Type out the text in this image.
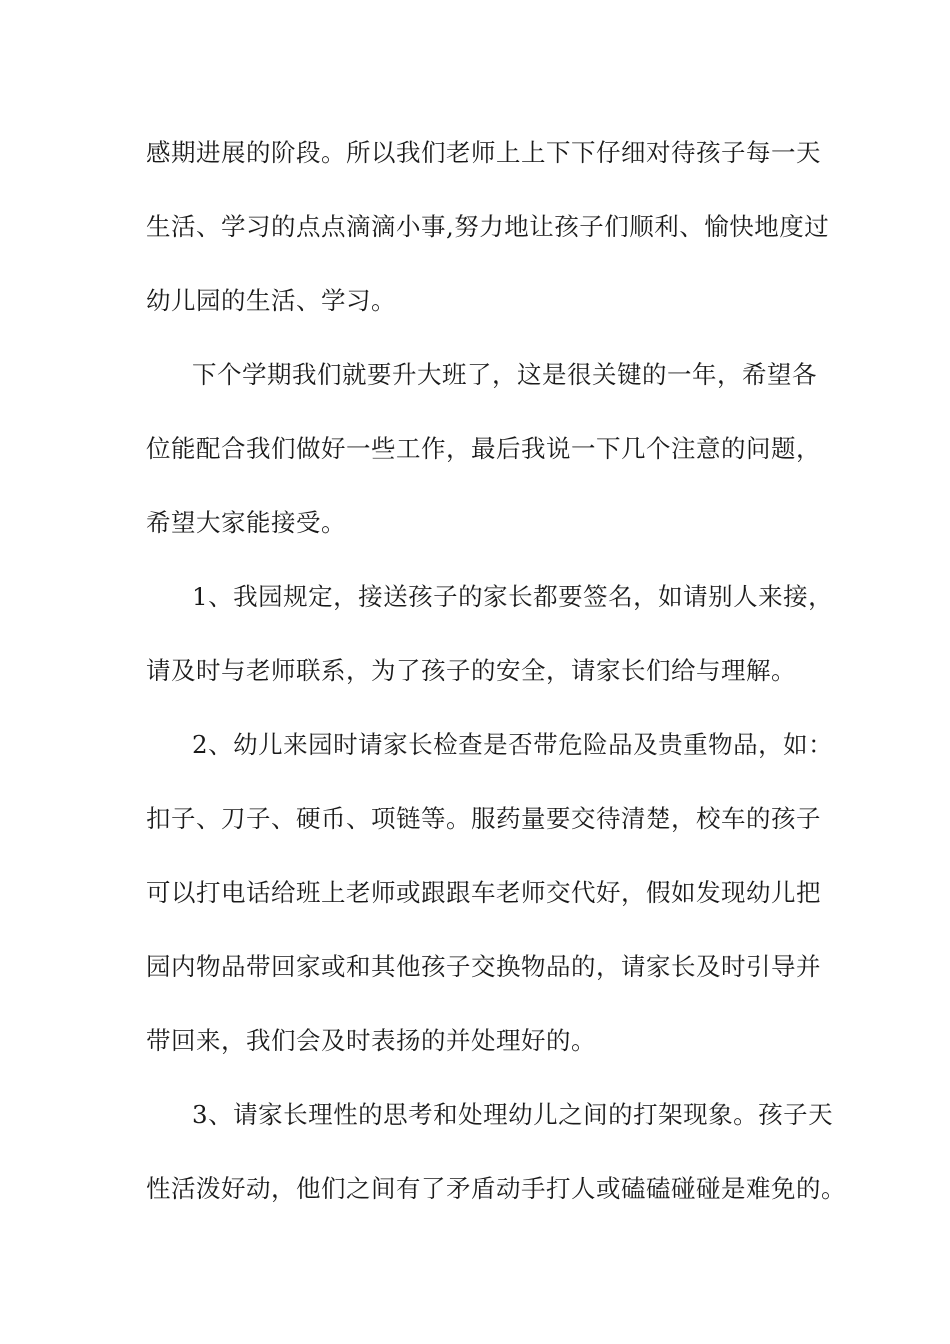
感期进展的阶段。所以我们老师上上下下仔细对待孩子每一天
生活、学习的点点滴滴小事,努力地让孩子们顺利、愉快地度过
幼儿园的生活、学习。
下个学期我们就要升大班了，这是很关键的一年，希望各
位能配合我们做好一些工作，最后我说一下几个注意的问题，
希望大家能接受。
1、我园规定，接送孩子的家长都要签名，如请别人来接，
请及时与老师联系，为了孩子的安全，请家长们给与理解。
2、幼儿来园时请家长检查是否带危险品及贵重物品，如：
扣子、刀子、硬币、项链等。服药量要交待清楚，校车的孩子
可以打电话给班上老师或跟跟车老师交代好，假如发现幼儿把
园内物品带回家或和其他孩子交换物品的，请家长及时引导并
带回来，我们会及时表扬的并处理好的。
3、请家长理性的思考和处理幼儿之间的打架现象。孩子天
性活泼好动，他们之间有了矛盾动手打人或磕磕碰碰是难免的。
